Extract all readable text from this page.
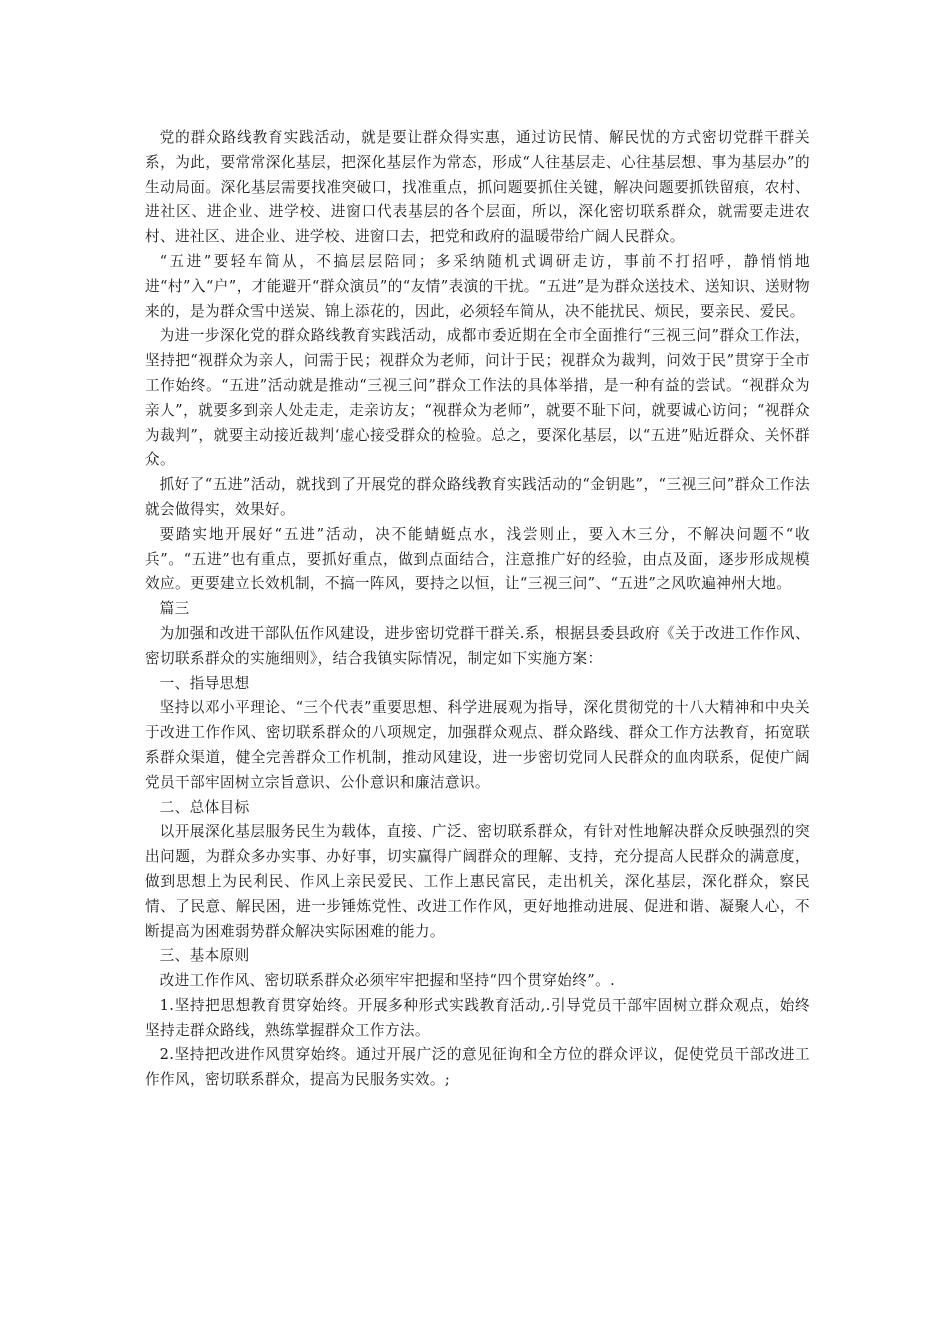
党的群众路线教育实践活动，就是要让群众得实惠，通过访民情、解民忧的方式密切党群干群关系，为此，要常常深化基层，把深化基层作为常态，形成“人往基层走、心往基层想、事为基层办”的生动局面。深化基层需要找准突破口，找准重点，抓问题要抓住关键，解决问题要抓铁留痕，农村、进社区、进企业、进学校、进窗口代表基层的各个层面，所以，深化密切联系群众，就需要走进农村、进社区、进企业、进学校、进窗口去，把党和政府的温暖带给广阔人民群众。

“五进”要轻车简从，不搞层层陪同；多采纳随机式调研走访，事前不打招呼，静悄悄地进“村”入“户”，才能避开“群众演员”的“友情”表演的干扰。“五进”是为群众送技术、送知识、送财物来的，是为群众雪中送炭、锦上添花的，因此，必须轻车简从，决不能扰民、烦民，要亲民、爱民。

为进一步深化党的群众路线教育实践活动，成都市委近期在全市全面推行“三视三问”群众工作法，坚持把“视群众为亲人，问需于民；视群众为老师，问计于民；视群众为裁判，问效于民”贯穿于全市工作始终。“五进”活动就是推动“三视三问”群众工作法的具体举措，是一种有益的尝试。“视群众为亲人”，就要多到亲人处走走，走亲访友；“视群众为老师”，就要不耻下问，就要诚心访问；“视群众为裁判”，就要主动接近裁判‘虚心接受群众的检验。总之，要深化基层，以“五进”贴近群众、关怀群众。

抓好了“五进”活动，就找到了开展党的群众路线教育实践活动的“金钥匙”，“三视三问”群众工作法就会做得实，效果好。

要踏实地开展好“五进”活动，决不能蜻蜓点水，浅尝则止，要入木三分，不解决问题不“收兵”。“五进”也有重点，要抓好重点，做到点面结合，注意推广好的经验，由点及面，逐步形成规模效应。更要建立长效机制，不搞一阵风，要持之以恒，让“三视三问”、“五进”之风吹遍神州大地。

篇三

为加强和改进干部队伍作风建设，进步密切党群干群关.系，根据县委县政府《关于改进工作作风、密切联系群众的实施细则》，结合我镇实际情况，制定如下实施方案：

一、指导思想

坚持以邓小平理论、“三个代表”重要思想、科学进展观为指导，深化贯彻党的十八大精神和中央关于改进工作作风、密切联系群众的八项规定，加强群众观点、群众路线、群众工作方法教育，拓宽联系群众渠道，健全完善群众工作机制，推动风建设，进一步密切党同人民群众的血肉联系，促使广阔党员干部牢固树立宗旨意识、公仆意识和廉洁意识。

二、总体目标

以开展深化基层服务民生为载体，直接、广泛、密切联系群众，有针对性地解决群众反映强烈的突出问题，为群众多办实事、办好事，切实赢得广阔群众的理解、支持，充分提高人民群众的满意度，做到思想上为民利民、作风上亲民爱民、工作上惠民富民，走出机关，深化基层，深化群众，察民情、了民意、解民困，进一步锤炼党性、改进工作作风，更好地推动进展、促进和谐、凝聚人心，不断提高为困难弱势群众解决实际困难的能力。

三、基本原则

改进工作作风、密切联系群众必须牢牢把握和坚持“四个贯穿始终”。.

1.坚持把思想教育贯穿始终。开展多种形式实践教育活动,.引导党员干部牢固树立群众观点，始终坚持走群众路线，熟练掌握群众工作方法。

2.坚持把改进作风贯穿始终。通过开展广泛的意见征询和全方位的群众评议，促使党员干部改进工作作风，密切联系群众，提高为民服务实效。;
